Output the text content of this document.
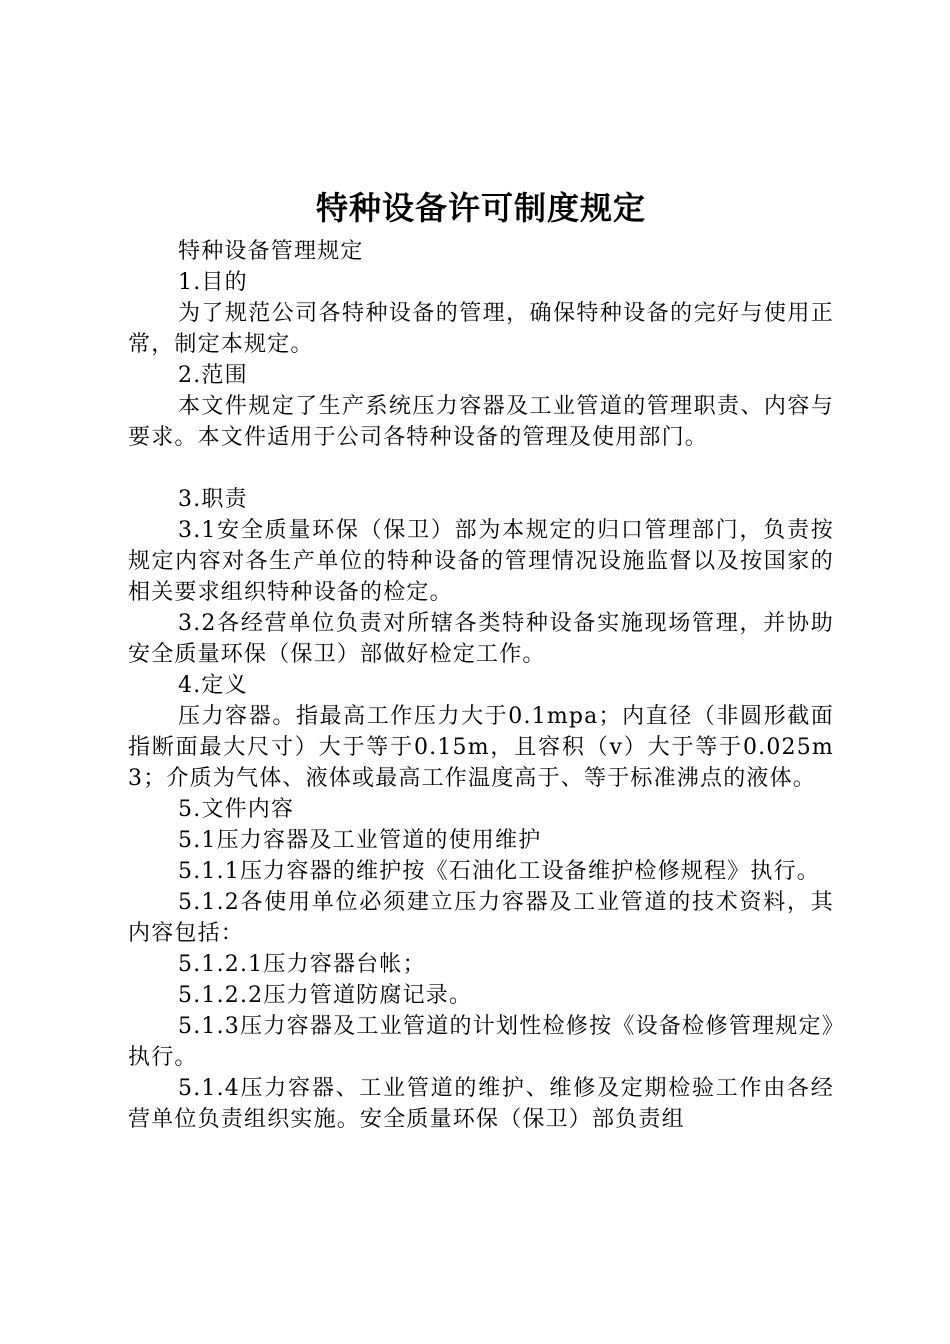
特种设备许可制度规定

特种设备管理规定

1.目的

为了规范公司各特种设备的管理，确保特种设备的完好与使用正常，制定本规定。

2.范围

本文件规定了生产系统压力容器及工业管道的管理职责、内容与要求。本文件适用于公司各特种设备的管理及使用部门。

3.职责

3.1安全质量环保（保卫）部为本规定的归口管理部门，负责按规定内容对各生产单位的特种设备的管理情况设施监督以及按国家的相关要求组织特种设备的检定。

3.2各经营单位负责对所辖各类特种设备实施现场管理，并协助安全质量环保（保卫）部做好检定工作。

4.定义

压力容器。指最高工作压力大于0.1mpa；内直径（非圆形截面指断面最大尺寸）大于等于0.15m，且容积（v）大于等于0.025m3；介质为气体、液体或最高工作温度高于、等于标准沸点的液体。

5.文件内容

5.1压力容器及工业管道的使用维护

5.1.1压力容器的维护按《石油化工设备维护检修规程》执行。

5.1.2各使用单位必须建立压力容器及工业管道的技术资料，其内容包括：

5.1.2.1压力容器台帐；

5.1.2.2压力管道防腐记录。

5.1.3压力容器及工业管道的计划性检修按《设备检修管理规定》执行。

5.1.4压力容器、工业管道的维护、维修及定期检验工作由各经营单位负责组织实施。安全质量环保（保卫）部负责组
